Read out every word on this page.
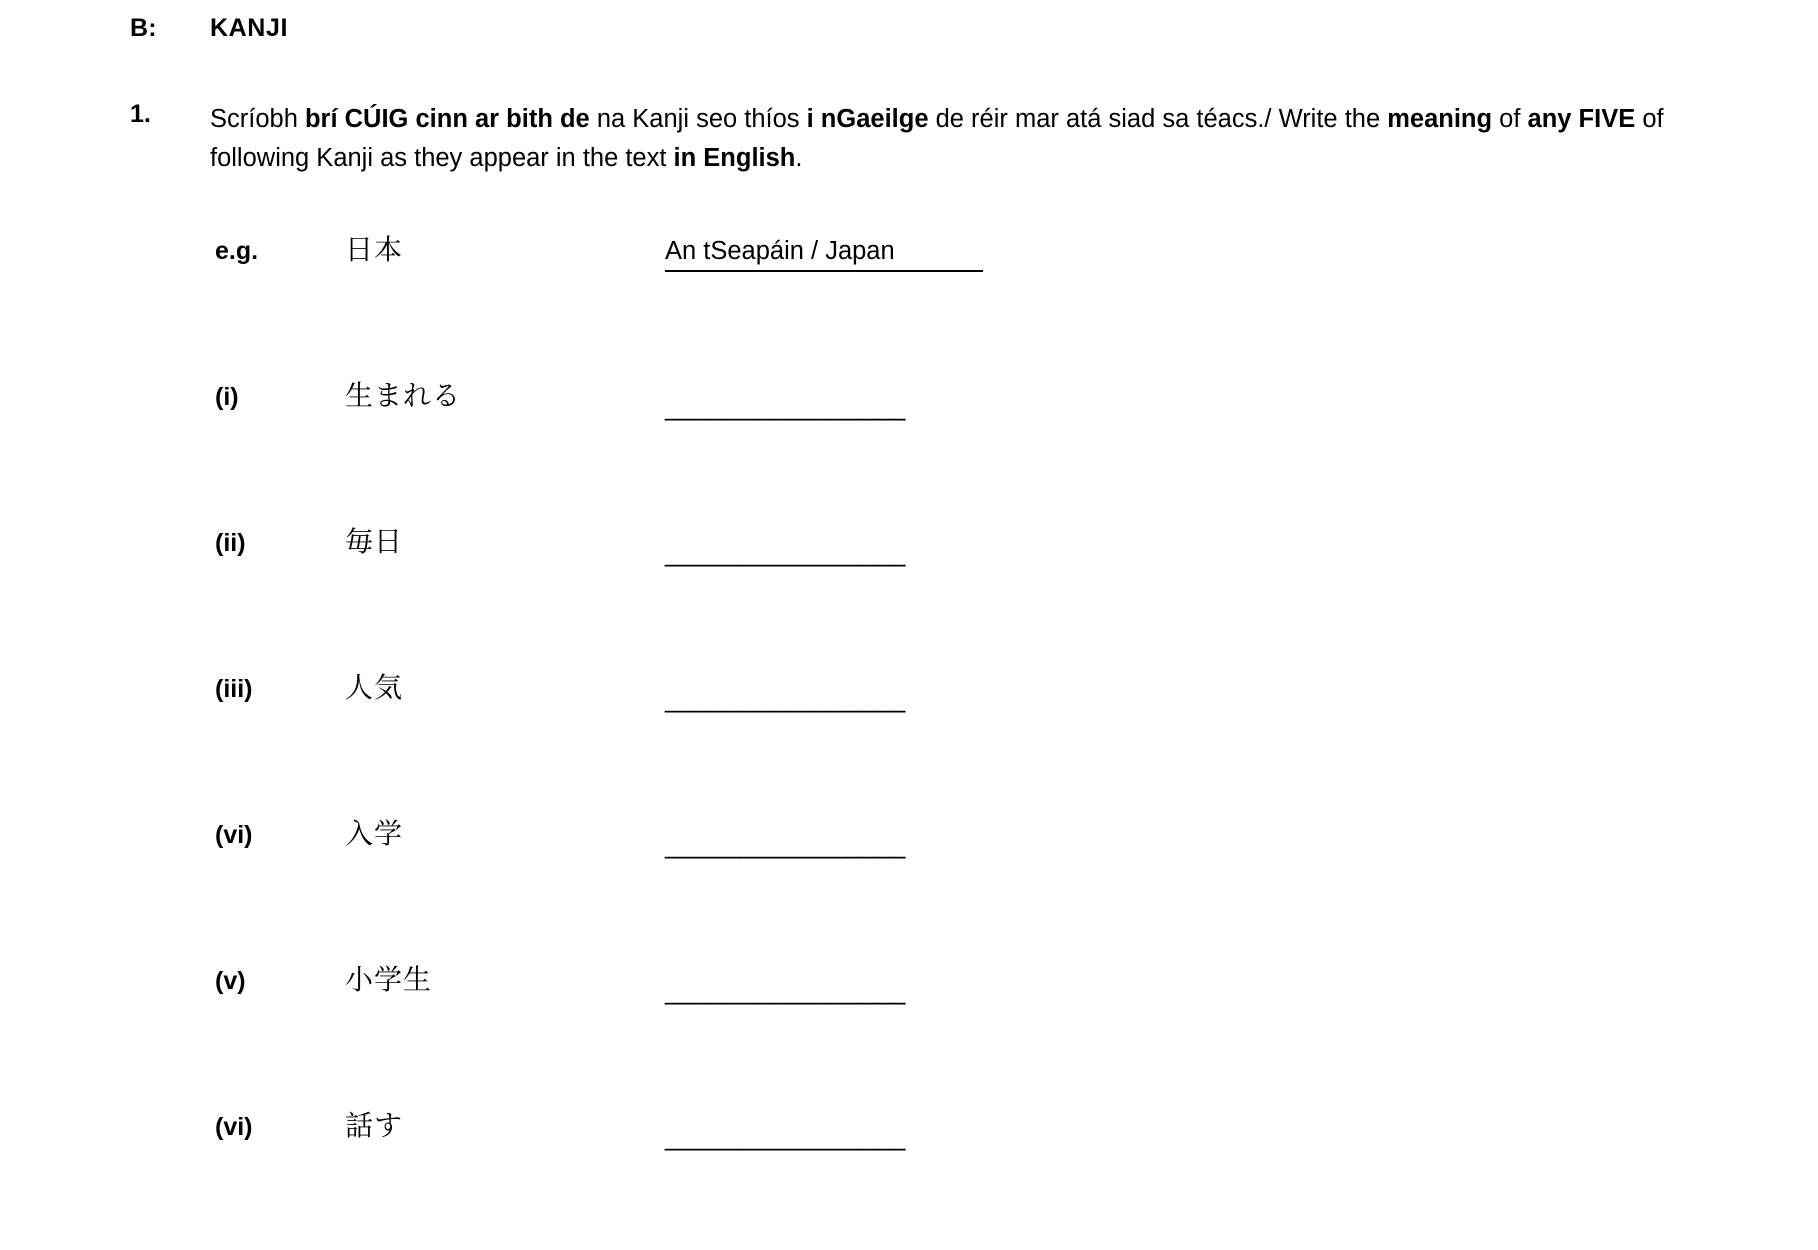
B:	KANJI
1.	Scríobh brí CÚIG cinn ar bith de na Kanji seo thíos i nGaeilge de réir mar atá siad sa téacs./ Write the meaning of any FIVE of following Kanji as they appear in the text in English.
e.g.	日本	An tSeapáin / Japan
(i)	生まれる	________________
(ii)	毎日	________________
(iii)	人気	________________
(vi)	入学	________________
(v)	小学生	________________
(vi)	話す	________________
